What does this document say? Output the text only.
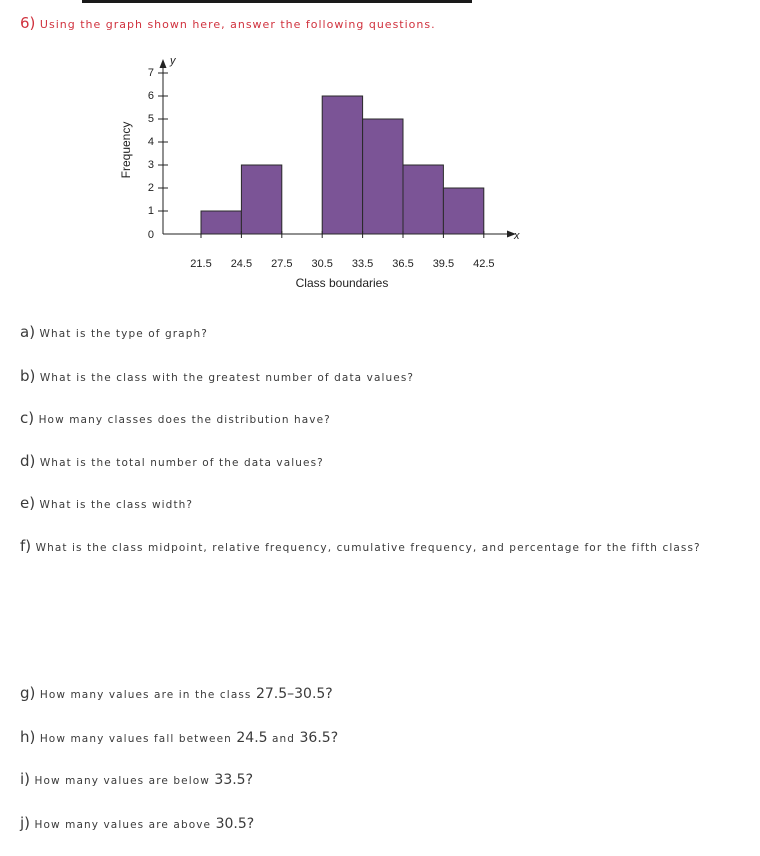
6) Using the graph shown here, answer the following questions.
0
1
2
3
4
5
6
7
21.5 24.5 27.5 30.5 33.5 36.5 39.5 42.5
Frequency
Class boundaries
y
x
a) What is the type of graph?
b) What is the class with the greatest number of data values?
c) How many classes does the distribution have?
d) What is the total number of the data values?
e) What is the class width?
f) What is the class midpoint, relative frequency, cumulative frequency, and percentage for the fifth class?
g) How many values are in the class 27.5–30.5?
h) How many values fall between 24.5 and 36.5?
i) How many values are below 33.5?
j) How many values are above 30.5?
